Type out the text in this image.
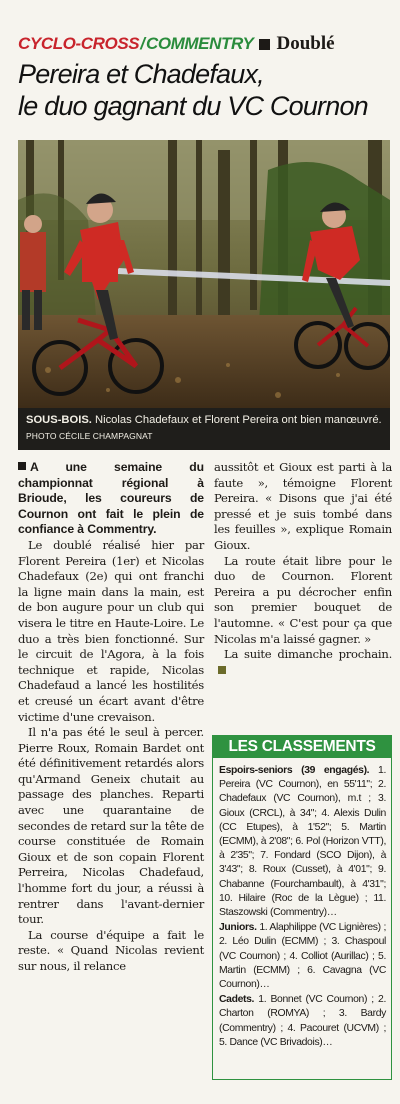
CYCLO-CROSS / COMMENTRY Doublé
Pereira et Chadefaux,
le duo gagnant du VC Cournon
SOUS-BOIS. Nicolas Chadefaux et Florent Pereira ont bien manœuvré. PHOTO CÉCILE CHAMPAGNAT

A une semaine du championnat régional à Brioude, les coureurs de Cournon ont fait le plein de confiance à Commentry.

Le doublé réalisé hier par Florent Pereira (1er) et Nicolas Chadefaux (2e) qui ont franchi la ligne main dans la main, est de bon augure pour un club qui visera le titre en Haute-Loire. Le duo a très bien fonctionné. Sur le circuit de l'Agora, à la fois technique et rapide, Nicolas Chadefaud a lancé les hostilités et creusé un écart avant d'être victime d'une crevaison.

Il n'a pas été le seul à percer. Pierre Roux, Romain Bardet ont été définitivement retardés alors qu'Armand Geneix chutait au passage des planches. Reparti avec une quarantaine de secondes de retard sur la tête de course constituée de Romain Gioux et de son copain Florent Perreira, Nicolas Chadefaud, l'homme fort du jour, a réussi à rentrer dans l'avant-dernier tour.

La course d'équipe a fait le reste. « Quand Nicolas revient sur nous, il relance

aussitôt et Gioux est parti à la faute », témoigne Florent Pereira. « Disons que j'ai été pressé et je suis tombé dans les feuilles », explique Romain Gioux.

La route était libre pour le duo de Cournon. Florent Pereira a pu décrocher enfin son premier bouquet de l'automne. « C'est pour ça que Nicolas m'a laissé gagner. »

La suite dimanche prochain.

LES CLASSEMENTS

Espoirs-seniors (39 engagés). 1. Pereira (VC Cournon), en 55'11"; 2. Chadefaux (VC Cournon), m.t ; 3. Gioux (CRCL), à 34"; 4. Alexis Dulin (CC Etupes), à 1'52"; 5. Martin (ECMM), à 2'08"; 6. Pol (Horizon VTT), à 2'35"; 7. Fondard (SCO Dijon), à 3'43"; 8. Roux (Cusset), à 4'01"; 9. Chabanne (Fourchambault), à 4'31"; 10. Hilaire (Roc de la Lègue) ; 11. Staszowski (Commentry)…

Juniors. 1. Alaphilippe (VC Lignières) ; 2. Léo Dulin (ECMM) ; 3. Chaspoul (VC Cournon) ; 4. Colliot (Aurillac) ; 5. Martin (ECMM) ; 6. Cavagna (VC Cournon)…

Cadets. 1. Bonnet (VC Cournon) ; 2. Charton (ROMYA) ; 3. Bardy (Commentry) ; 4. Pacouret (UCVM) ; 5. Dance (VC Brivadois)…
